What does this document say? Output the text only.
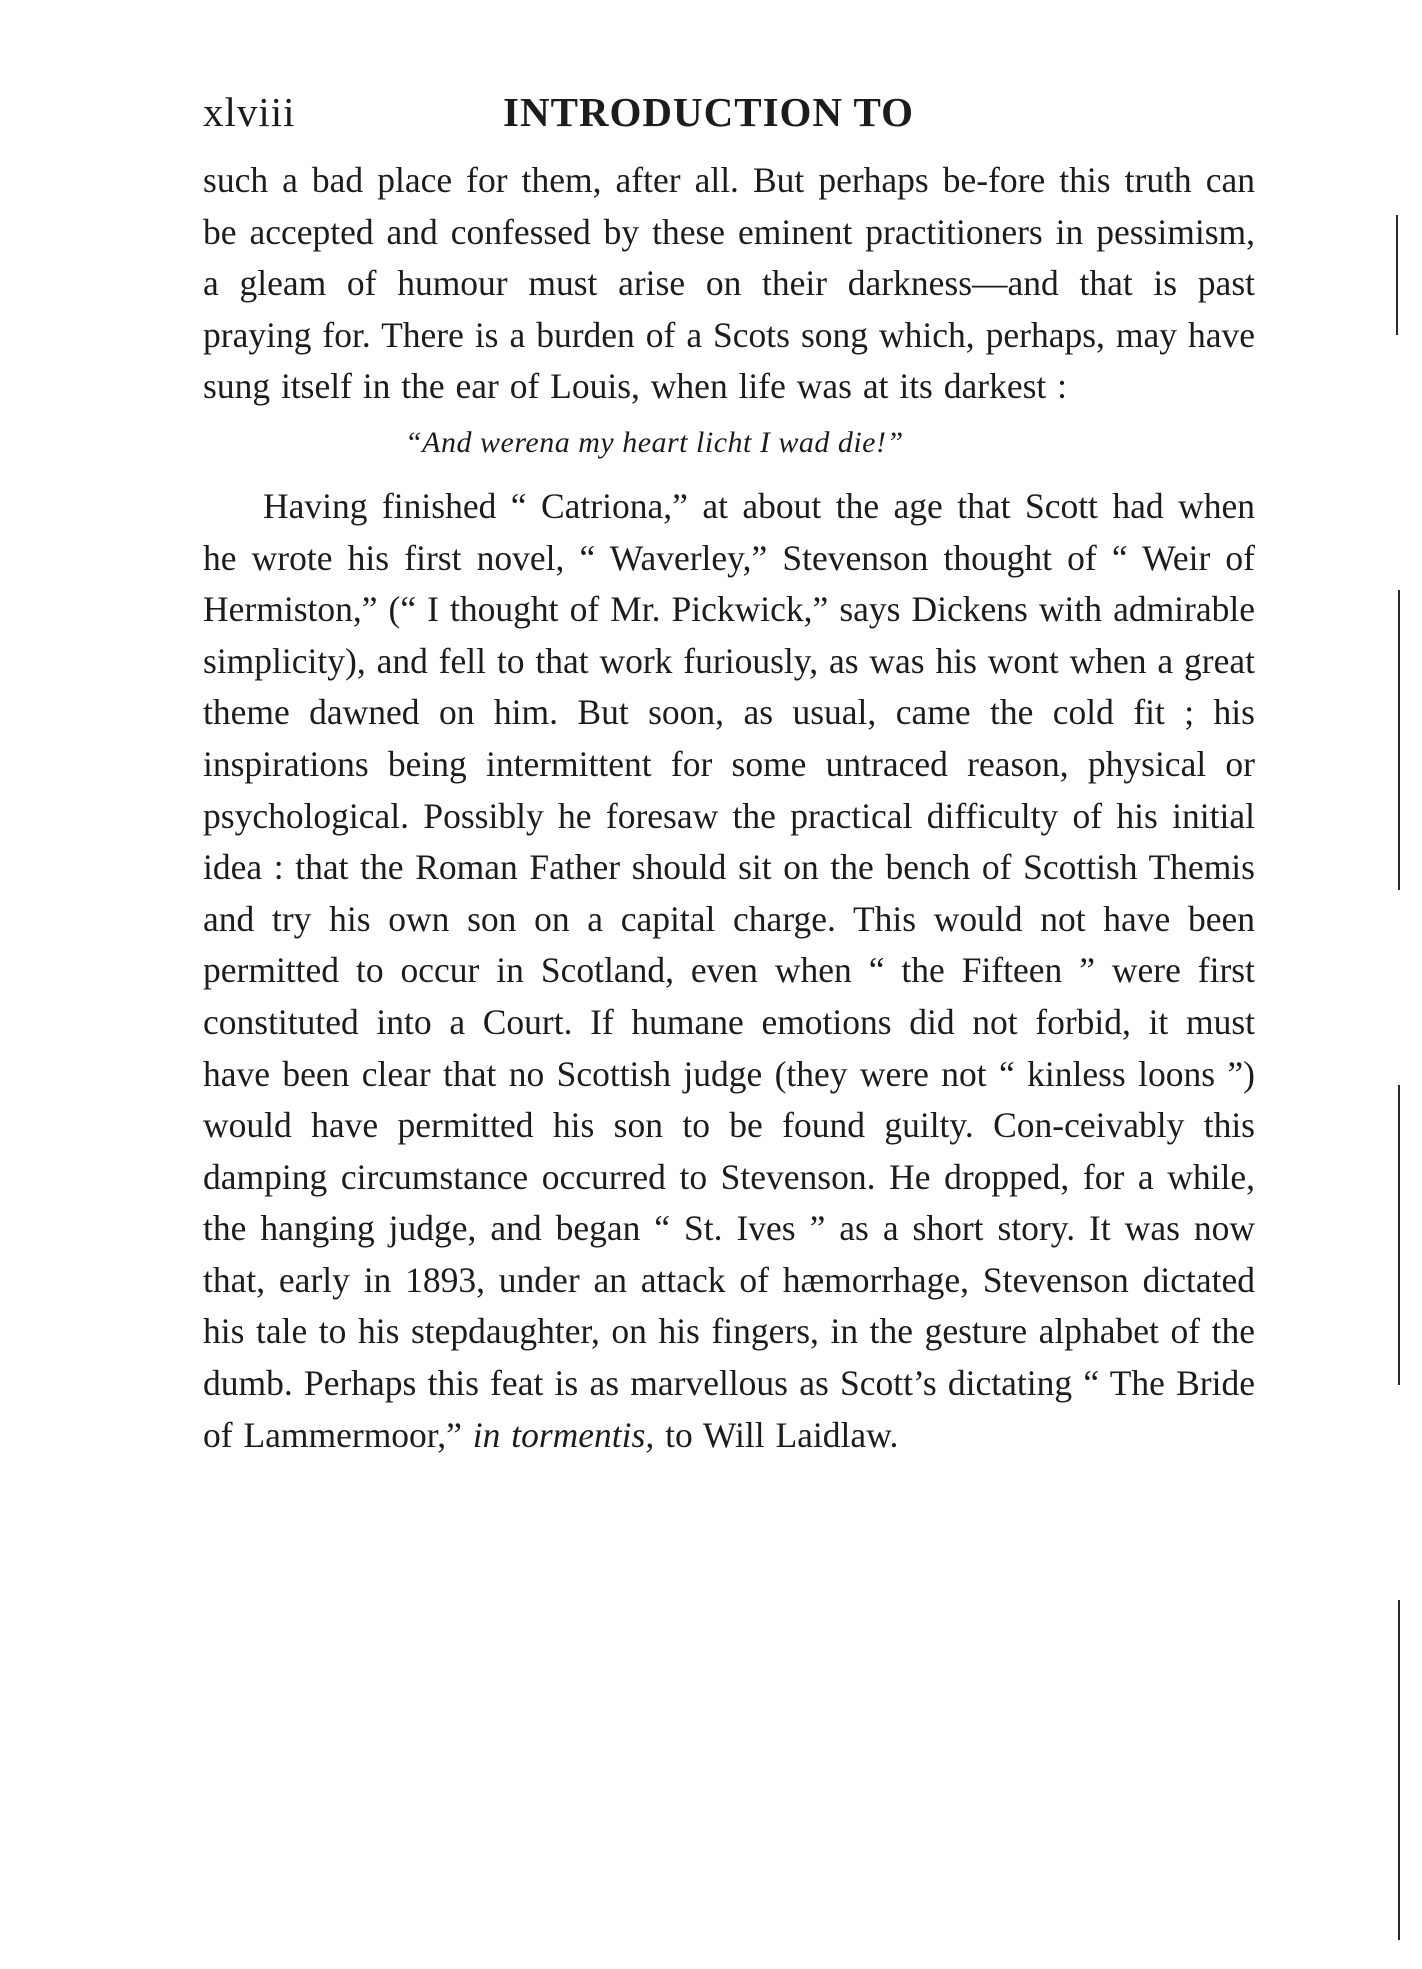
xlviii	INTRODUCTION TO

such a bad place for them, after all. But perhaps be-fore this truth can be accepted and confessed by these eminent practitioners in pessimism, a gleam of humour must arise on their darkness—and that is past praying for. There is a burden of a Scots song which, perhaps, may have sung itself in the ear of Louis, when life was at its darkest :

“And werena my heart licht I wad die!”

Having finished “ Catriona,” at about the age that Scott had when he wrote his first novel, “ Waverley,” Stevenson thought of “ Weir of Hermiston,” (“ I thought of Mr. Pickwick,” says Dickens with admirable simplicity), and fell to that work furiously, as was his wont when a great theme dawned on him. But soon, as usual, came the cold fit ; his inspirations being intermittent for some untraced reason, physical or psychological. Possibly he foresaw the practical difficulty of his initial idea : that the Roman Father should sit on the bench of Scottish Themis and try his own son on a capital charge. This would not have been permitted to occur in Scotland, even when “ the Fifteen ” were first constituted into a Court. If humane emotions did not forbid, it must have been clear that no Scottish judge (they were not “ kinless loons ”) would have permitted his son to be found guilty. Con-ceivably this damping circumstance occurred to Stevenson. He dropped, for a while, the hanging judge, and began “ St. Ives ” as a short story. It was now that, early in 1893, under an attack of hæmorrhage, Stevenson dictated his tale to his stepdaughter, on his fingers, in the gesture alphabet of the dumb. Perhaps this feat is as marvellous as Scott’s dictating “ The Bride of Lammermoor,” in tormentis, to Will Laidlaw.
